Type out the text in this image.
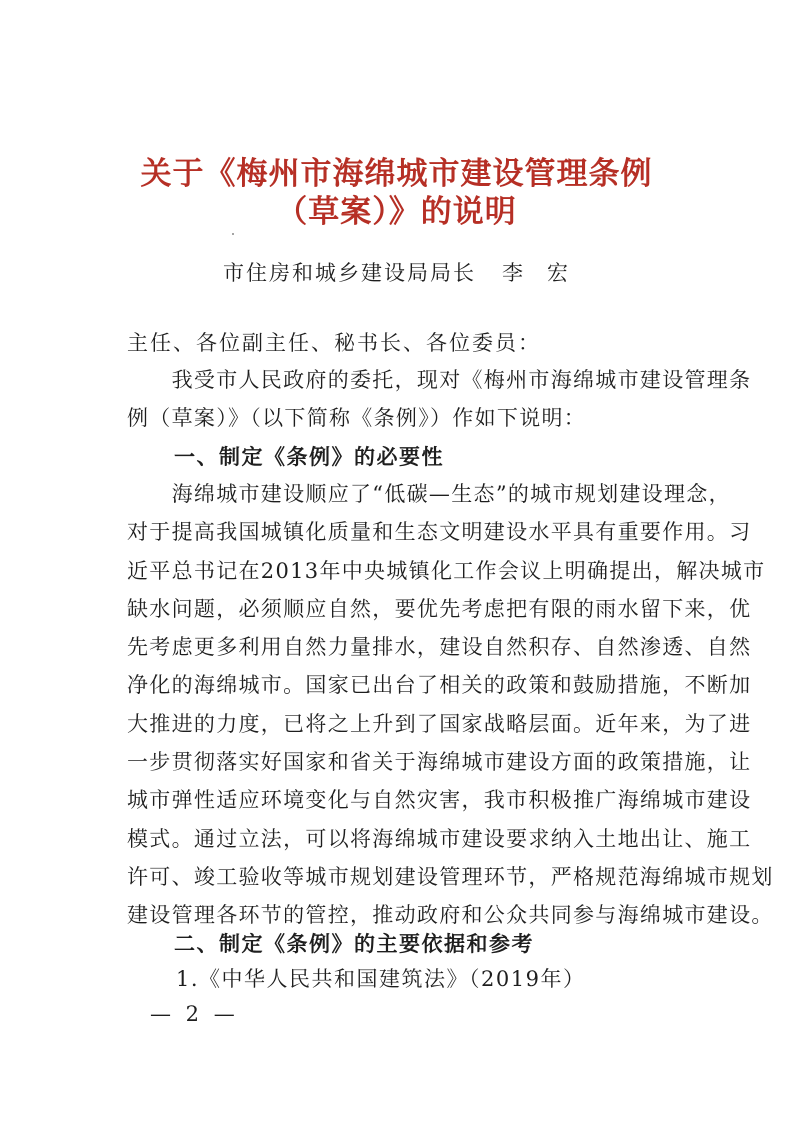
关于《梅州市海绵城市建设管理条例
（草案）》的说明
市住房和城乡建设局局长 李 宏
主任、各位副主任、秘书长、各位委员：
　　我受市人民政府的委托，现对《梅州市海绵城市建设管理条
例（草案）》（以下简称《条例》）作如下说明：
一、制定《条例》的必要性
　　海绵城市建设顺应了“低碳—生态”的城市规划建设理念，
对于提高我国城镇化质量和生态文明建设水平具有重要作用。习
近平总书记在2013年中央城镇化工作会议上明确提出，解决城市
缺水问题，必须顺应自然，要优先考虑把有限的雨水留下来，优
先考虑更多利用自然力量排水，建设自然积存、自然渗透、自然
净化的海绵城市。国家已出台了相关的政策和鼓励措施，不断加
大推进的力度，已将之上升到了国家战略层面。近年来，为了进
一步贯彻落实好国家和省关于海绵城市建设方面的政策措施，让
城市弹性适应环境变化与自然灾害，我市积极推广海绵城市建设
模式。通过立法，可以将海绵城市建设要求纳入土地出让、施工
许可、竣工验收等城市规划建设管理环节，严格规范海绵城市规划
建设管理各环节的管控，推动政府和公众共同参与海绵城市建设。
二、制定《条例》的主要依据和参考
1.《中华人民共和国建筑法》（2019年）
— 2 —
